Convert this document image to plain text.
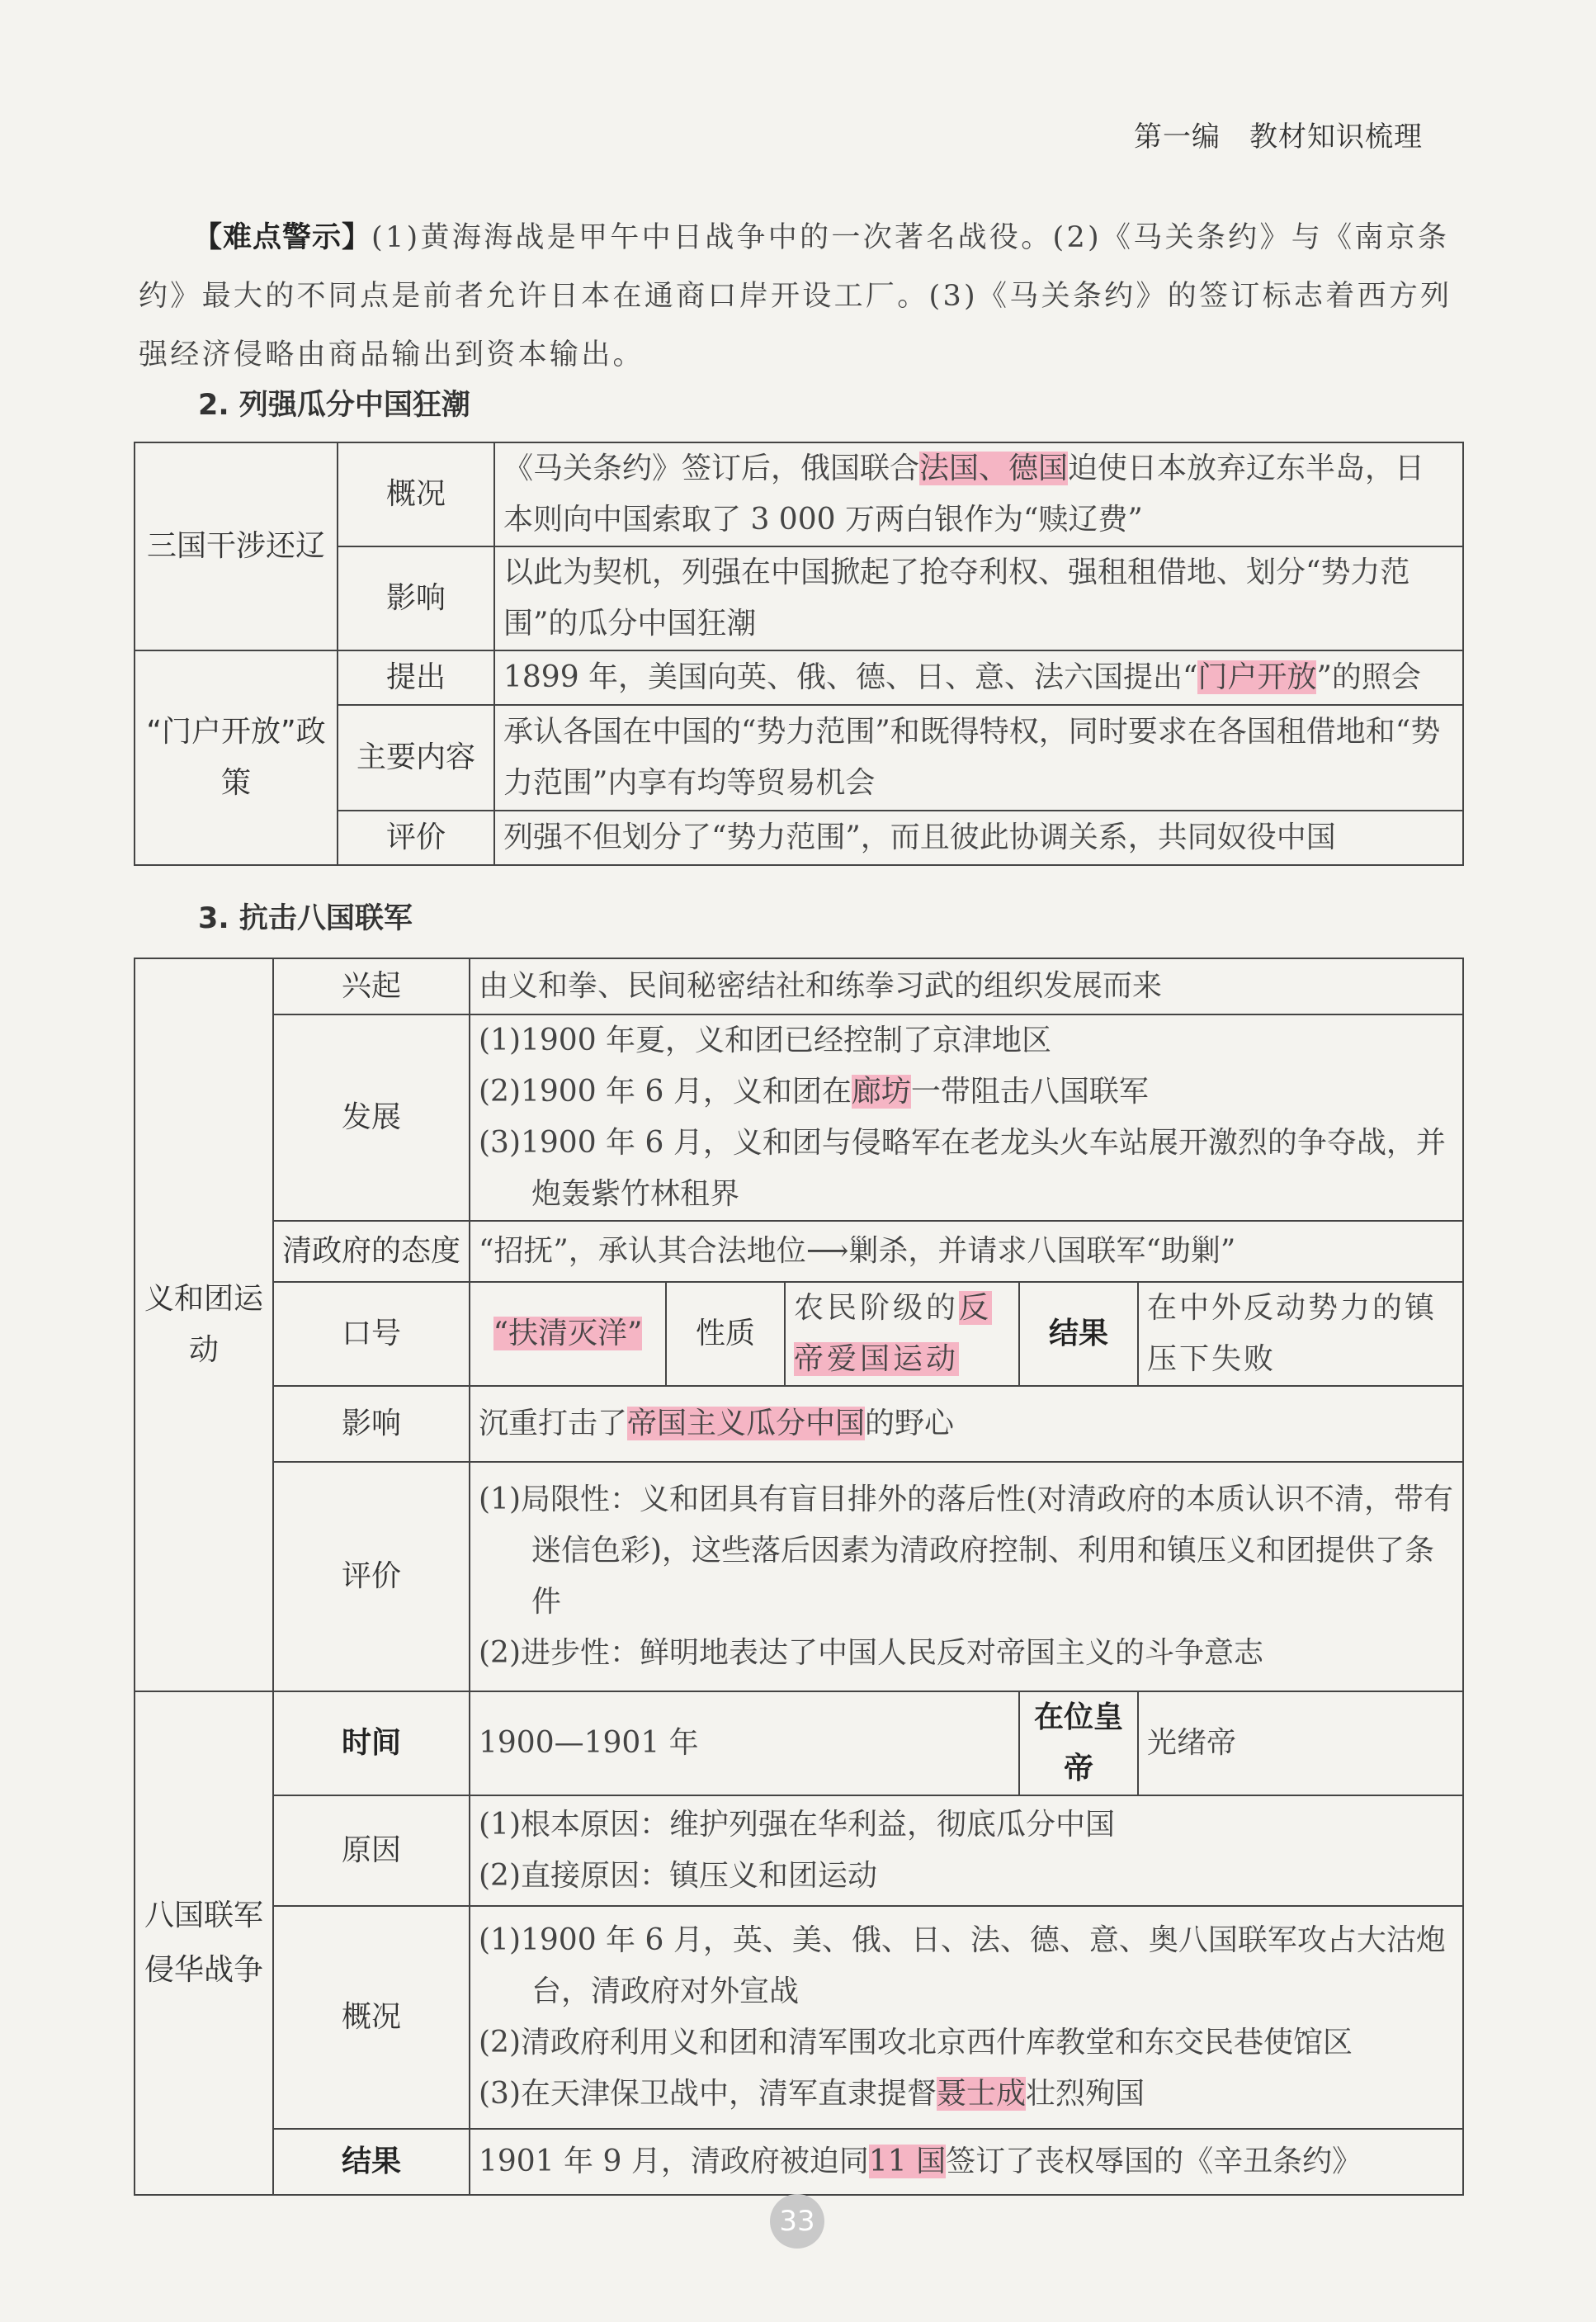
第一编　教材知识梳理
【难点警示】(1)黄海海战是甲午中日战争中的一次著名战役。(2)《马关条约》与《南京条约》最大的不同点是前者允许日本在通商口岸开设工厂。(3)《马关条约》的签订标志着西方列强经济侵略由商品输出到资本输出。
2. 列强瓜分中国狂潮
三国干涉还辽	概况	《马关条约》签订后，俄国联合法国、德国迫使日本放弃辽东半岛，日本则向中国索取了 3 000 万两白银作为“赎辽费”
	影响	以此为契机，列强在中国掀起了抢夺利权、强租租借地、划分“势力范围”的瓜分中国狂潮
“门户开放”政策	提出	1899 年，美国向英、俄、德、日、意、法六国提出“门户开放”的照会
	主要内容	承认各国在中国的“势力范围”和既得特权，同时要求在各国租借地和“势力范围”内享有均等贸易机会
	评价	列强不但划分了“势力范围”，而且彼此协调关系，共同奴役中国
3. 抗击八国联军
义和团运动	兴起	由义和拳、民间秘密结社和练拳习武的组织发展而来				
	发展	(1)1900 年夏，义和团已经控制了京津地区
(2)1900 年 6 月，义和团在廊坊一带阻击八国联军
(3)1900 年 6 月，义和团与侵略军在老龙头火车站展开激烈的争夺战，并炮轰紫竹林租界				

	清政府的态度	“招抚”，承认其合法地位⟶剿杀，并请求八国联军“助剿”				
	口号	“扶清灭洋”	性质	农民阶级的反帝爱国运动	结果	在中外反动势力的镇压下失败
	影响	沉重打击了帝国主义瓜分中国的野心				
	评价	(1)局限性：义和团具有盲目排外的落后性(对清政府的本质认识不清，带有迷信色彩)，这些落后因素为清政府控制、利用和镇压义和团提供了条件
(2)进步性：鲜明地表达了中国人民反对帝国主义的斗争意志				

八国联军侵华战争	时间	1900—1901 年			在位皇帝	光绪帝
	原因	(1)根本原因：维护列强在华利益，彻底瓜分中国
(2)直接原因：镇压义和团运动				

	概况	(1)1900 年 6 月，英、美、俄、日、法、德、意、奥八国联军攻占大沽炮台，清政府对外宣战
(2)清政府利用义和团和清军围攻北京西什库教堂和东交民巷使馆区
(3)在天津保卫战中，清军直隶提督聂士成壮烈殉国				

	结果	1901 年 9 月，清政府被迫同11 国签订了丧权辱国的《辛丑条约》				
33
